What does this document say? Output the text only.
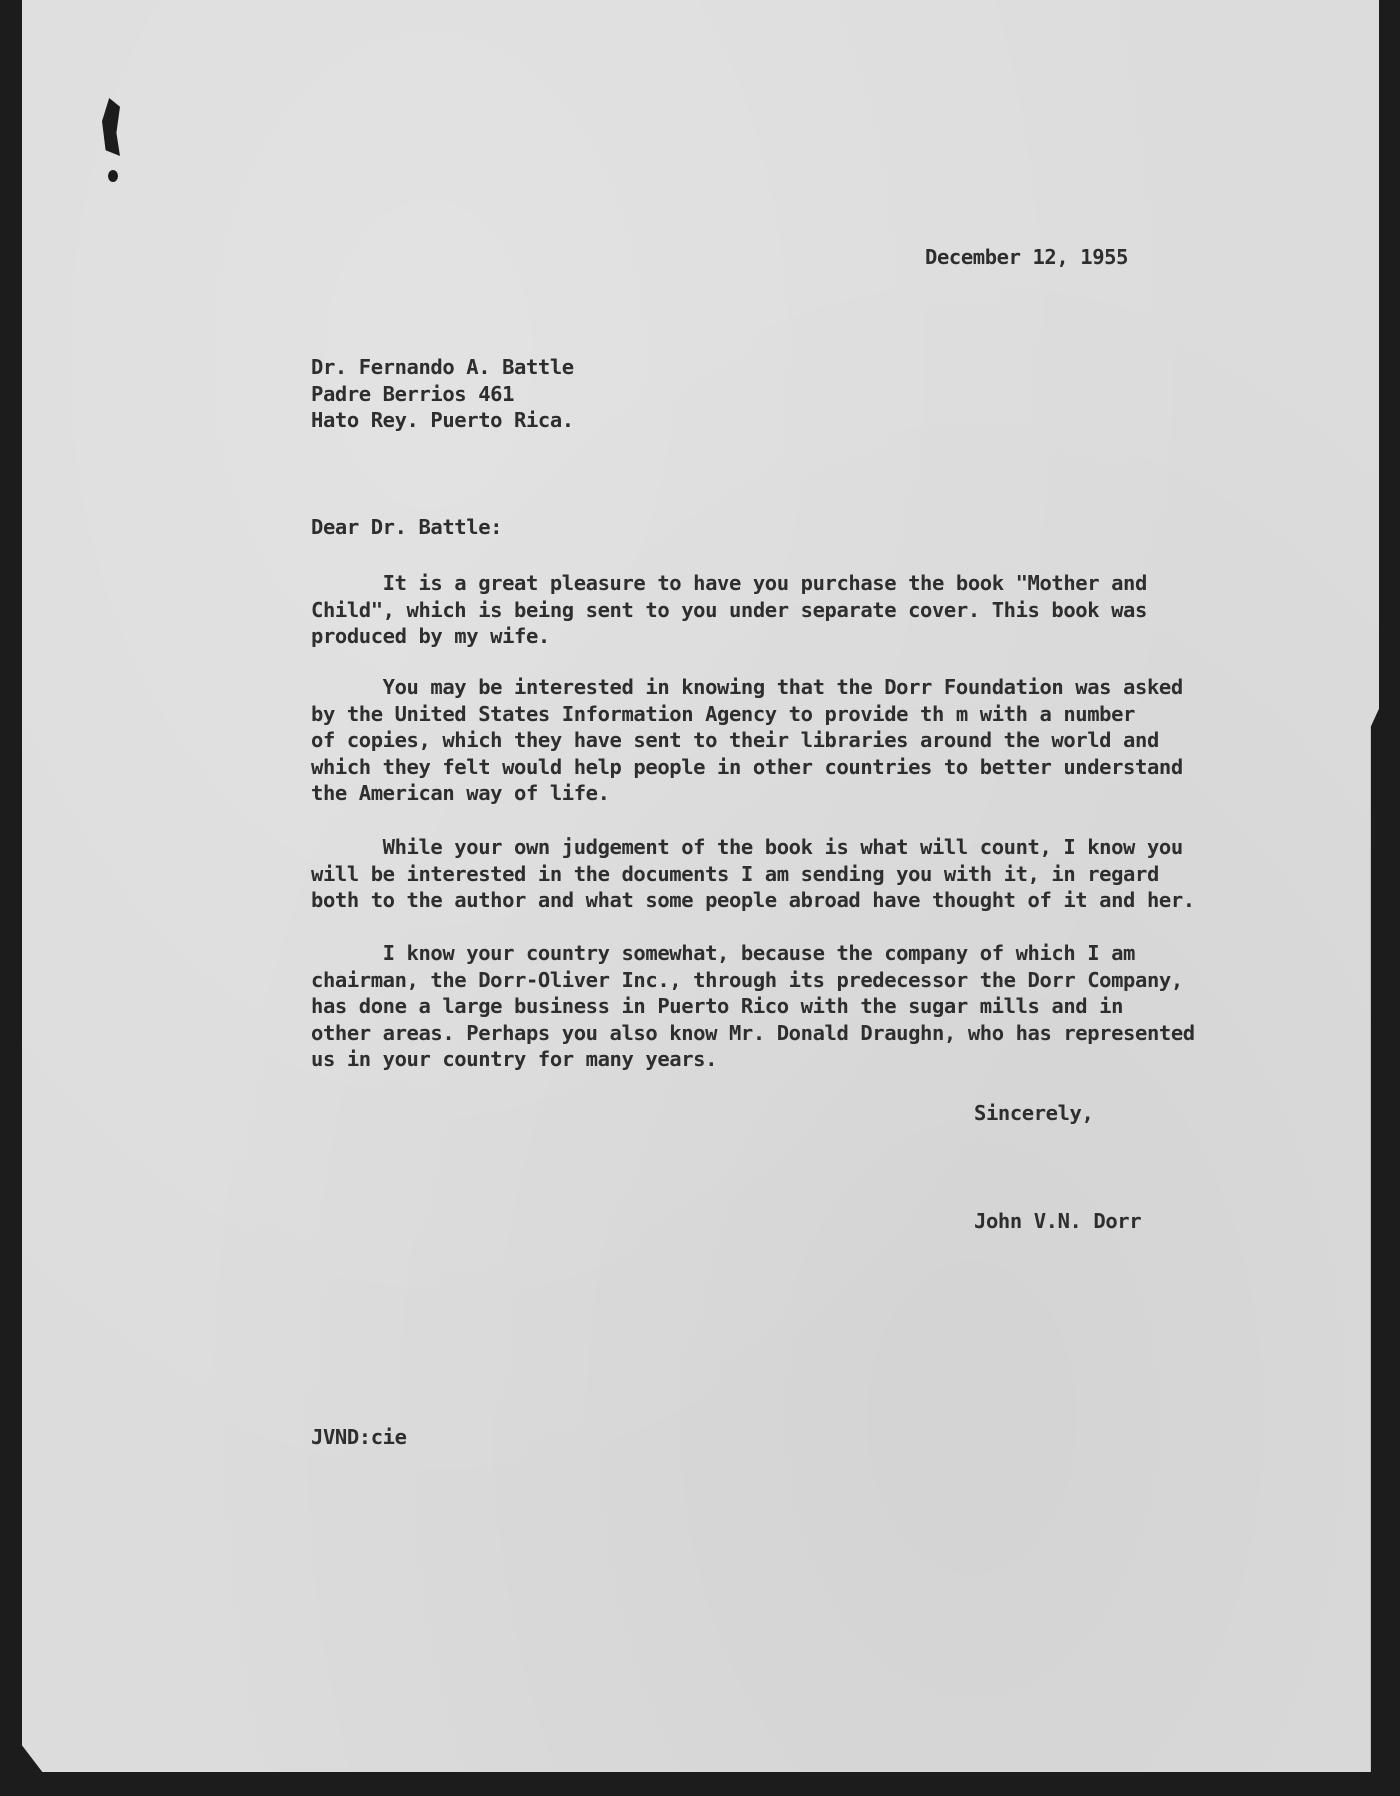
December 12, 1955
Dr. Fernando A. Battle
Padre Berrios 461
Hato Rey. Puerto Rica.
Dear Dr. Battle:
It is a great pleasure to have you purchase the book "Mother and
Child", which is being sent to you under separate cover. This book was
produced by my wife.
You may be interested in knowing that the Dorr Foundation was asked
by the United States Information Agency to provide th m with a number
of copies, which they have sent to their libraries around the world and
which they felt would help people in other countries to better understand
the American way of life.
While your own judgement of the book is what will count, I know you
will be interested in the documents I am sending you with it, in regard
both to the author and what some people abroad have thought of it and her.
I know your country somewhat, because the company of which I am
chairman, the Dorr-Oliver Inc., through its predecessor the Dorr Company,
has done a large business in Puerto Rico with the sugar mills and in
other areas. Perhaps you also know Mr. Donald Draughn, who has represented
us in your country for many years.
Sincerely,
John V.N. Dorr
JVND:cie
